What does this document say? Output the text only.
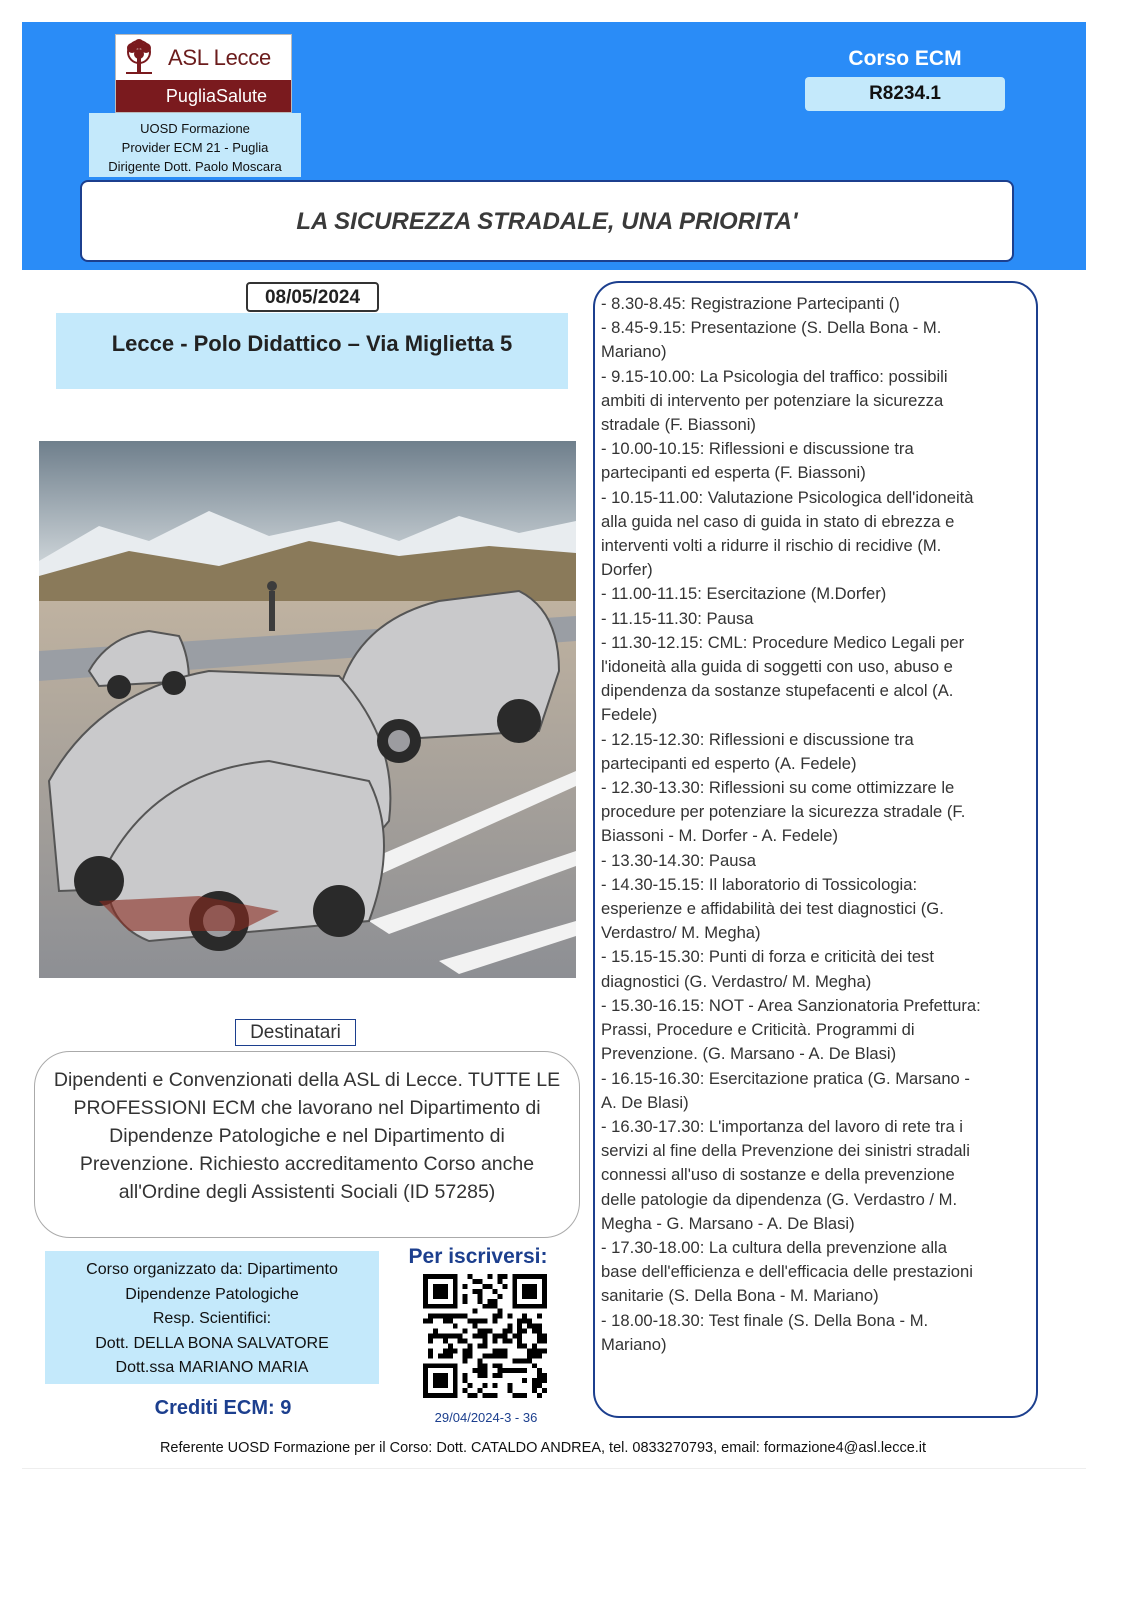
ASL Lecce
PugliaSalute
UOSD Formazione
Provider ECM 21 - Puglia
Dirigente Dott. Paolo Moscara
Corso ECM
R8234.1
LA SICUREZZA STRADALE, UNA PRIORITA'
08/05/2024
Lecce - Polo Didattico – Via Miglietta 5
Destinatari
Dipendenti e Convenzionati della ASL di Lecce. TUTTE LE PROFESSIONI ECM che lavorano nel Dipartimento di Dipendenze Patologiche e nel Dipartimento di Prevenzione. Richiesto accreditamento Corso anche all'Ordine degli Assistenti Sociali (ID 57285)
Corso organizzato da: Dipartimento
Dipendenze Patologiche
Resp. Scientifici:
Dott. DELLA BONA SALVATORE
Dott.ssa MARIANO MARIA
Crediti ECM: 9
Per iscriversi:
29/04/2024-3 - 36
- 8.30-8.45: Registrazione Partecipanti ()
- 8.45-9.15: Presentazione (S. Della Bona - M.
Mariano)
- 9.15-10.00: La Psicologia del traffico: possibili
ambiti di intervento per potenziare la sicurezza
stradale (F. Biassoni)
- 10.00-10.15: Riflessioni e discussione tra
partecipanti ed esperta (F. Biassoni)
- 10.15-11.00: Valutazione Psicologica dell'idoneità
alla guida nel caso di guida in stato di ebrezza e
interventi volti a ridurre il rischio di recidive (M.
Dorfer)
- 11.00-11.15: Esercitazione (M.Dorfer)
- 11.15-11.30: Pausa
- 11.30-12.15: CML: Procedure Medico Legali per
l'idoneità alla guida di soggetti con uso, abuso e
dipendenza da sostanze stupefacenti e alcol (A.
Fedele)
- 12.15-12.30: Riflessioni e discussione tra
partecipanti ed esperto (A. Fedele)
- 12.30-13.30: Riflessioni su come ottimizzare le
procedure per potenziare la sicurezza stradale (F.
Biassoni - M. Dorfer - A. Fedele)
- 13.30-14.30: Pausa
- 14.30-15.15: Il laboratorio di Tossicologia:
esperienze e affidabilità dei test diagnostici (G.
Verdastro/ M. Megha)
- 15.15-15.30: Punti di forza e criticità dei test
diagnostici (G. Verdastro/ M. Megha)
- 15.30-16.15: NOT - Area Sanzionatoria Prefettura:
Prassi, Procedure e Criticità. Programmi di
Prevenzione. (G. Marsano - A. De Blasi)
- 16.15-16.30: Esercitazione pratica (G. Marsano -
A. De Blasi)
- 16.30-17.30: L'importanza del lavoro di rete tra i
servizi al fine della Prevenzione dei sinistri stradali
connessi all'uso di sostanze e della prevenzione
delle patologie da dipendenza (G. Verdastro / M.
Megha - G. Marsano - A. De Blasi)
- 17.30-18.00: La cultura della prevenzione alla
base dell'efficienza e dell'efficacia delle prestazioni
sanitarie (S. Della Bona - M. Mariano)
- 18.00-18.30: Test finale (S. Della Bona - M.
Mariano)
Referente UOSD Formazione per il Corso: Dott. CATALDO ANDREA, tel. 0833270793, email: formazione4@asl.lecce.it
